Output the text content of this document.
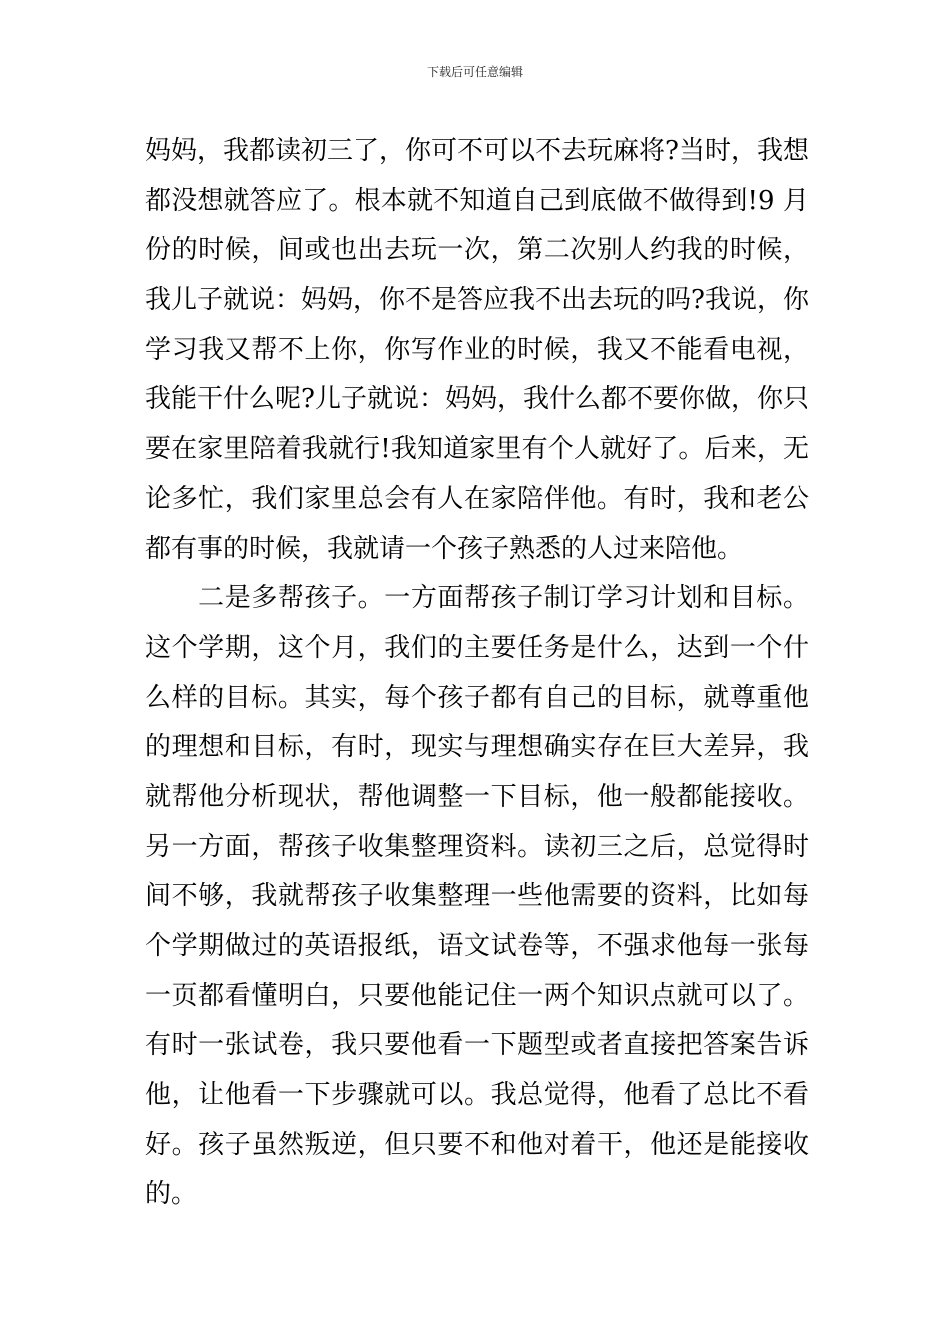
下载后可任意编辑
妈妈，我都读初三了，你可不可以不去玩麻将?当时，我想
都没想就答应了。根本就不知道自己到底做不做得到!9 月
份的时候，间或也出去玩一次，第二次别人约我的时候，
我儿子就说：妈妈，你不是答应我不出去玩的吗?我说，你
学习我又帮不上你，你写作业的时候，我又不能看电视，
我能干什么呢?儿子就说：妈妈，我什么都不要你做，你只
要在家里陪着我就行!我知道家里有个人就好了。后来，无
论多忙，我们家里总会有人在家陪伴他。有时，我和老公
都有事的时候，我就请一个孩子熟悉的人过来陪他。
　　二是多帮孩子。一方面帮孩子制订学习计划和目标。
这个学期，这个月，我们的主要任务是什么，达到一个什
么样的目标。其实，每个孩子都有自己的目标，就尊重他
的理想和目标，有时，现实与理想确实存在巨大差异，我
就帮他分析现状，帮他调整一下目标，他一般都能接收。
另一方面，帮孩子收集整理资料。读初三之后，总觉得时
间不够，我就帮孩子收集整理一些他需要的资料，比如每
个学期做过的英语报纸，语文试卷等，不强求他每一张每
一页都看懂明白，只要他能记住一两个知识点就可以了。
有时一张试卷，我只要他看一下题型或者直接把答案告诉
他，让他看一下步骤就可以。我总觉得，他看了总比不看
好。孩子虽然叛逆，但只要不和他对着干，他还是能接收
的。
